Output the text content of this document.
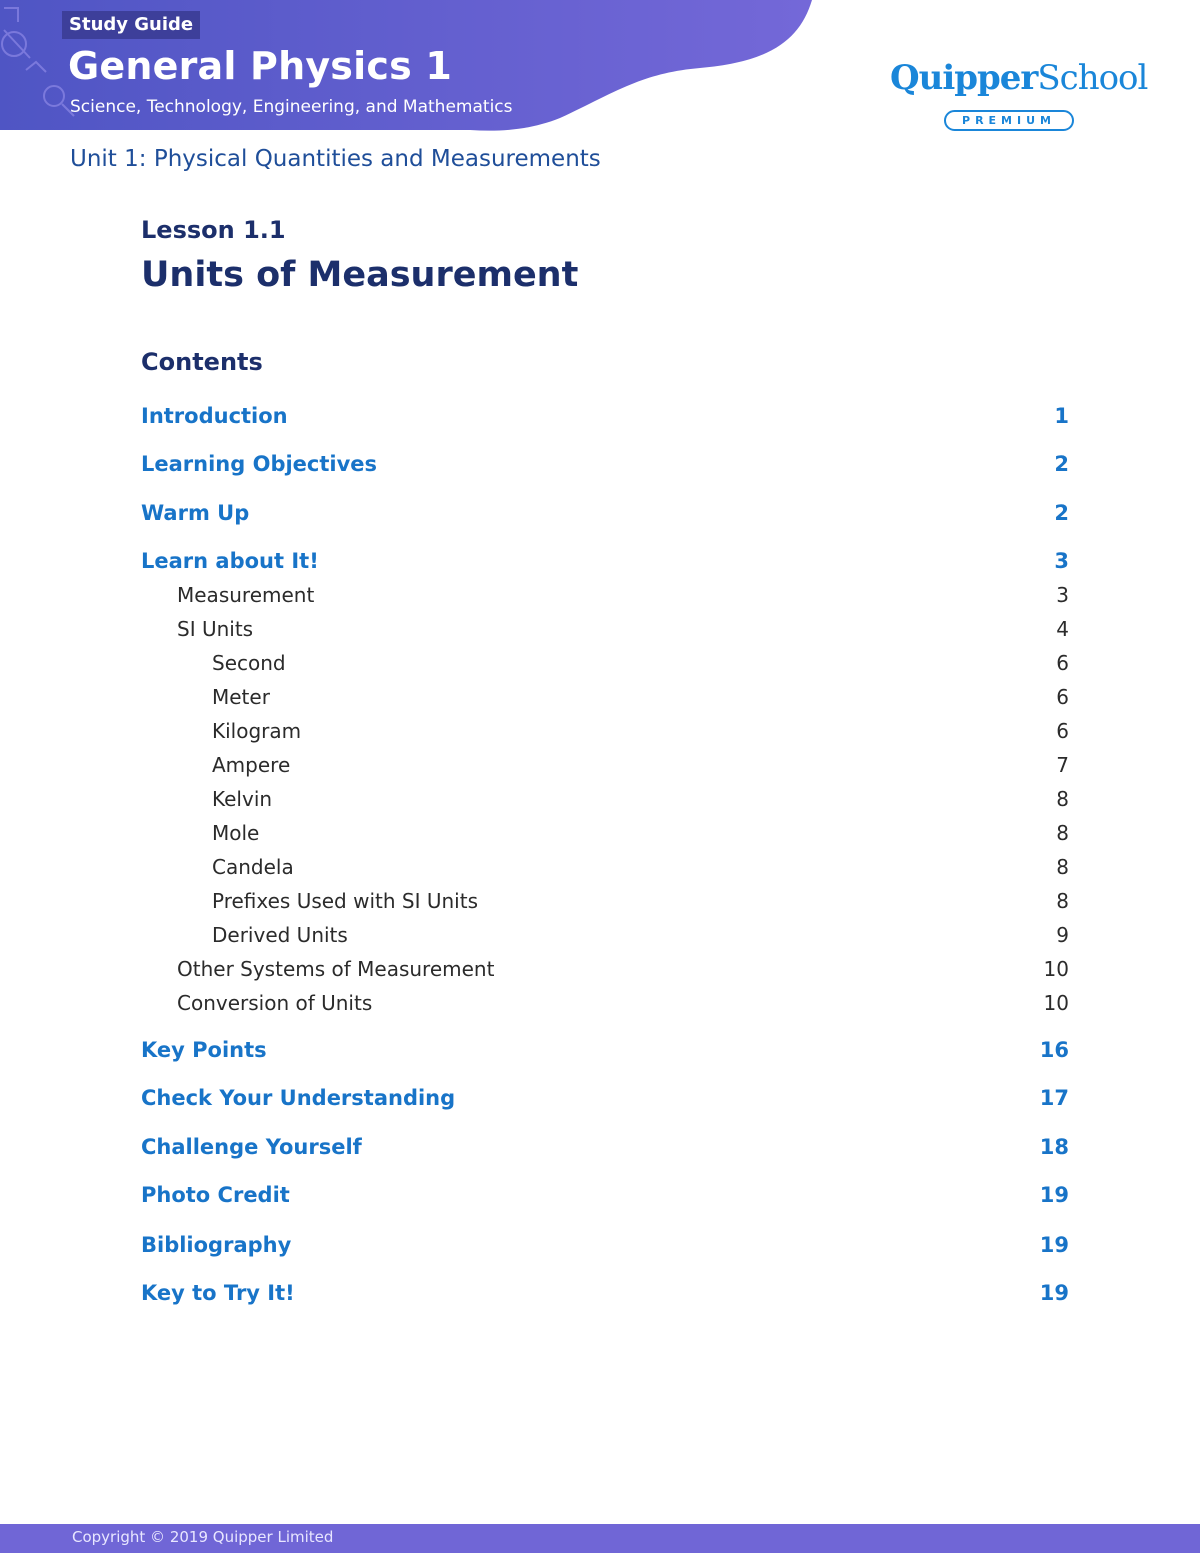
Study Guide
General Physics 1
Science, Technology, Engineering, and Mathematics
QuipperSchool
PREMIUM
Unit 1: Physical Quantities and Measurements
Lesson 1.1
Units of Measurement
Contents
Introduction	1
Learning Objectives	2
Warm Up	2
Learn about It!	3
Measurement	3
SI Units	4
Second	6
Meter	6
Kilogram	6
Ampere	7
Kelvin	8
Mole	8
Candela	8
Prefixes Used with SI Units	8
Derived Units	9
Other Systems of Measurement	10
Conversion of Units	10
Key Points	16
Check Your Understanding	17
Challenge Yourself	18
Photo Credit	19
Bibliography	19
Key to Try It!	19
Copyright © 2019 Quipper Limited
